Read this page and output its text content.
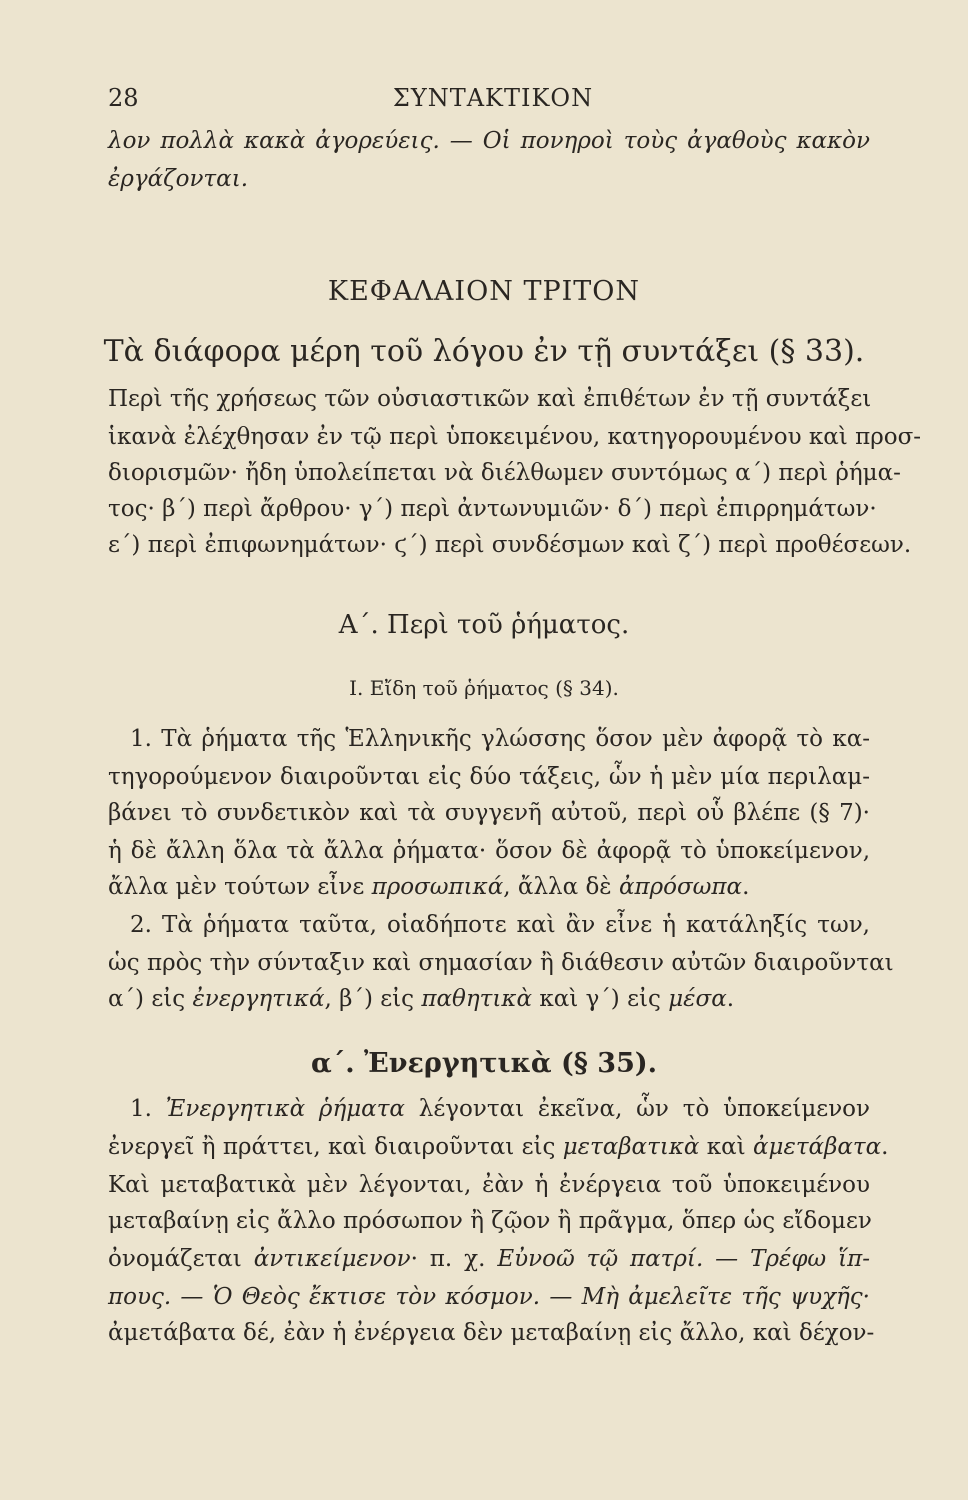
28	ΣΥΝΤΑΚΤΙΚΟΝ
λον πολλὰ κακὰ ἀγορεύεις. — Οἱ πονηροὶ τοὺς ἀγαθοὺς κακὸν
ἐργάζονται.
ΚΕΦΑΛΑΙΟΝ ΤΡΙΤΟΝ
Τὰ διάφορα μέρη τοῦ λόγου ἐν τῇ συντάξει (§ 33).
Περὶ τῆς χρήσεως τῶν οὐσιαστικῶν καὶ ἐπιθέτων ἐν τῇ συντάξει
ἱκανὰ ἐλέχθησαν ἐν τῷ περὶ ὑποκειμένου, κατηγορουμένου καὶ προσ-
διορισμῶν· ἤδη ὑπολείπεται νὰ διέλθωμεν συντόμως α΄) περὶ ῥήμα-
τος· β΄) περὶ ἄρθρου· γ΄) περὶ ἀντωνυμιῶν· δ΄) περὶ ἐπιρρημάτων·
ε΄) περὶ ἐπιφωνημάτων· ϛ΄) περὶ συνδέσμων καὶ ζ΄) περὶ προθέσεων.
Α΄. Περὶ τοῦ ῥήματος.
I. Εἴδη τοῦ ῥήματος (§ 34).
1. Τὰ ῥήματα τῆς Ἑλληνικῆς γλώσσης ὅσον μὲν ἀφορᾷ τὸ κα-
τηγορούμενον διαιροῦνται εἰς δύο τάξεις, ὧν ἡ μὲν μία περιλαμ-
βάνει τὸ συνδετικὸν καὶ τὰ συγγενῆ αὐτοῦ, περὶ οὗ βλέπε (§ 7)·
ἡ δὲ ἄλλη ὅλα τὰ ἄλλα ῥήματα· ὅσον δὲ ἀφορᾷ τὸ ὑποκείμενον,
ἄλλα μὲν τούτων εἶνε προσωπικά, ἄλλα δὲ ἀπρόσωπα.
2. Τὰ ῥήματα ταῦτα, οἱαδήποτε καὶ ἂν εἶνε ἡ κατάληξίς των,
ὡς πρὸς τὴν σύνταξιν καὶ σημασίαν ἢ διάθεσιν αὐτῶν διαιροῦνται
α΄) εἰς ἐνεργητικά, β΄) εἰς παθητικὰ καὶ γ΄) εἰς μέσα.
α΄. Ἐνεργητικὰ (§ 35).
1. Ἐνεργητικὰ ῥήματα λέγονται ἐκεῖνα, ὧν τὸ ὑποκείμενον
ἐνεργεῖ ἢ πράττει, καὶ διαιροῦνται εἰς μεταβατικὰ καὶ ἀμετάβατα.
Καὶ μεταβατικὰ μὲν λέγονται, ἐὰν ἡ ἐνέργεια τοῦ ὑποκειμένου
μεταβαίνῃ εἰς ἄλλο πρόσωπον ἢ ζῷον ἢ πρᾶγμα, ὅπερ ὡς εἴδομεν
ὀνομάζεται ἀντικείμενον· π. χ. Εὐνοῶ τῷ πατρί. — Τρέφω ἵπ-
πους. — Ὁ Θεὸς ἔκτισε τὸν κόσμον. — Μὴ ἀμελεῖτε τῆς ψυχῆς·
ἀμετάβατα δέ, ἐὰν ἡ ἐνέργεια δὲν μεταβαίνῃ εἰς ἄλλο, καὶ δέχον-
